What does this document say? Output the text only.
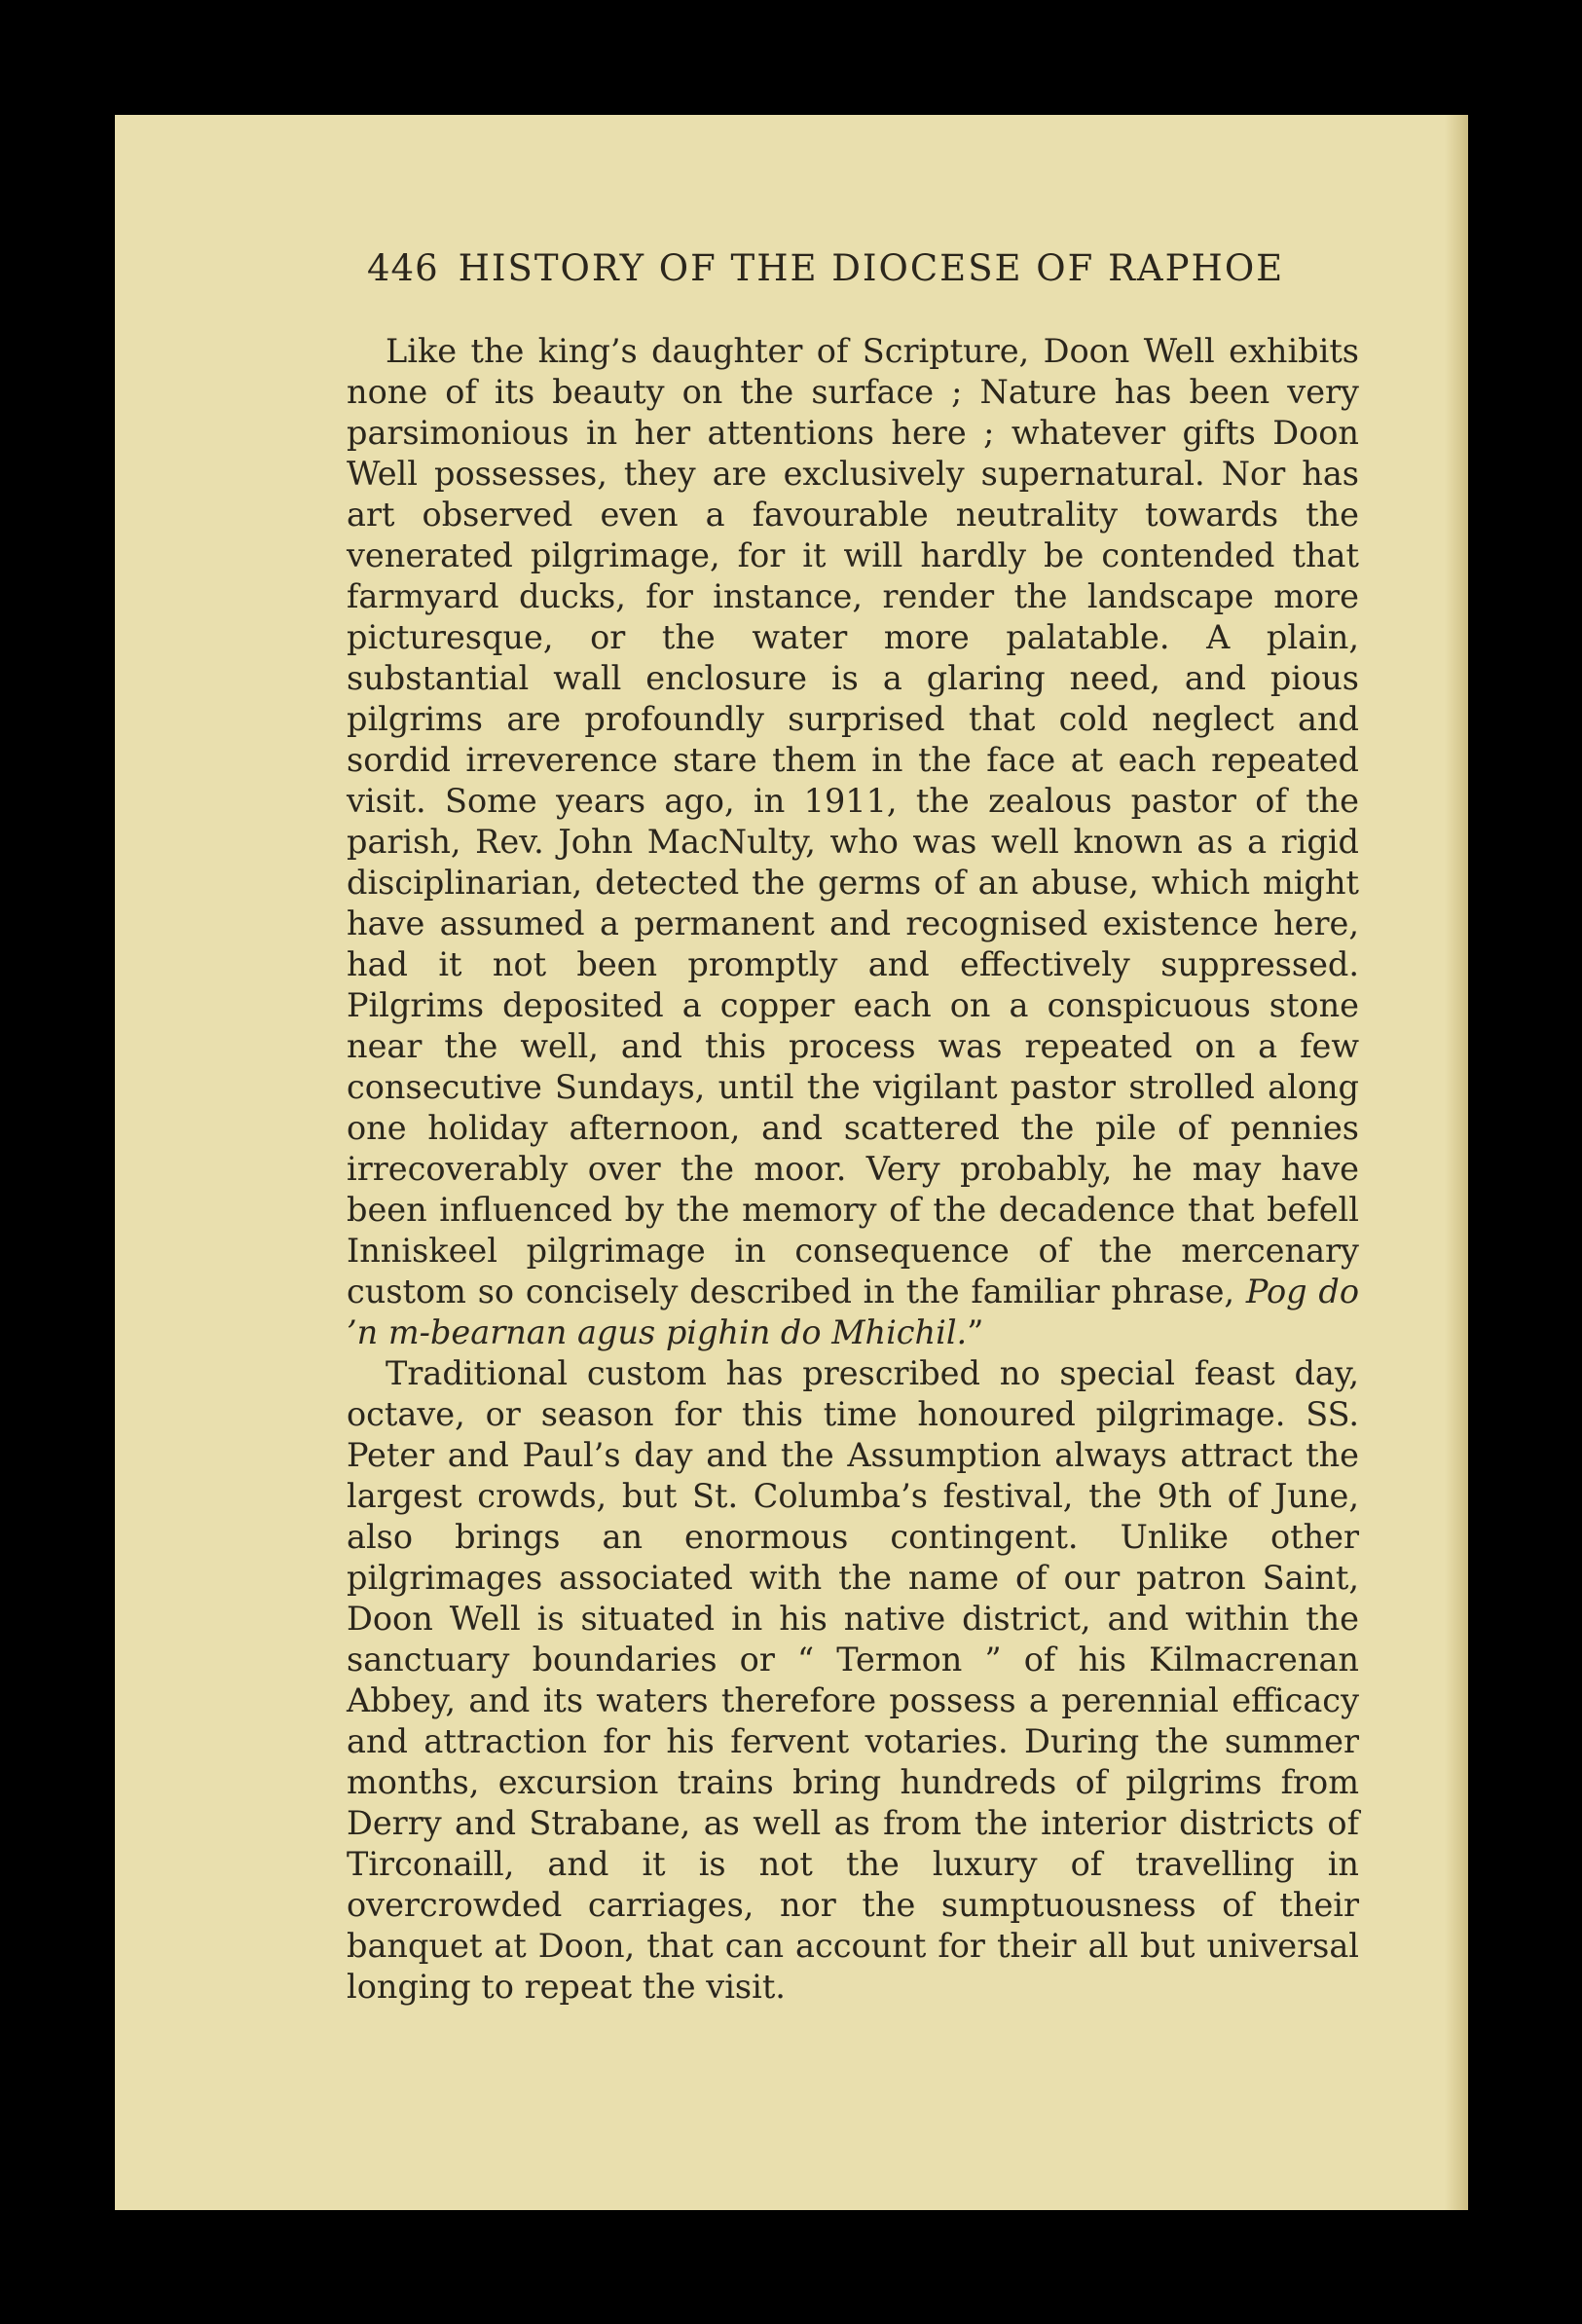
446 HISTORY OF THE DIOCESE OF RAPHOE

Like the king’s daughter of Scripture, Doon Well exhibits none of its beauty on the surface ; Nature has been very parsimonious in her attentions here ; whatever gifts Doon Well possesses, they are exclusively supernatural. Nor has art observed even a favourable neutrality towards the venerated pilgrimage, for it will hardly be contended that farmyard ducks, for instance, render the landscape more picturesque, or the water more palatable. A plain, substantial wall enclosure is a glaring need, and pious pilgrims are profoundly surprised that cold neglect and sordid irreverence stare them in the face at each repeated visit. Some years ago, in 1911, the zealous pastor of the parish, Rev. John MacNulty, who was well known as a rigid disciplinarian, detected the germs of an abuse, which might have assumed a permanent and recognised existence here, had it not been promptly and effectively suppressed. Pilgrims deposited a copper each on a conspicuous stone near the well, and this process was repeated on a few consecutive Sundays, until the vigilant pastor strolled along one holiday afternoon, and scattered the pile of pennies irrecoverably over the moor. Very probably, he may have been influenced by the memory of the decadence that befell Inniskeel pilgrimage in consequence of the mercenary custom so concisely described in the familiar phrase, Pog do ’n m-bearnan agus pighin do Mhichil.”

Traditional custom has prescribed no special feast day, octave, or season for this time honoured pilgrimage. SS. Peter and Paul’s day and the Assumption always attract the largest crowds, but St. Columba’s festival, the 9th of June, also brings an enormous contingent. Unlike other pilgrimages associated with the name of our patron Saint, Doon Well is situated in his native district, and within the sanctuary boundaries or “ Termon ” of his Kilmacrenan Abbey, and its waters therefore possess a perennial efficacy and attraction for his fervent votaries. During the summer months, excursion trains bring hundreds of pilgrims from Derry and Strabane, as well as from the interior districts of Tirconaill, and it is not the luxury of travelling in overcrowded carriages, nor the sumptuousness of their banquet at Doon, that can account for their all but universal longing to repeat the visit.
